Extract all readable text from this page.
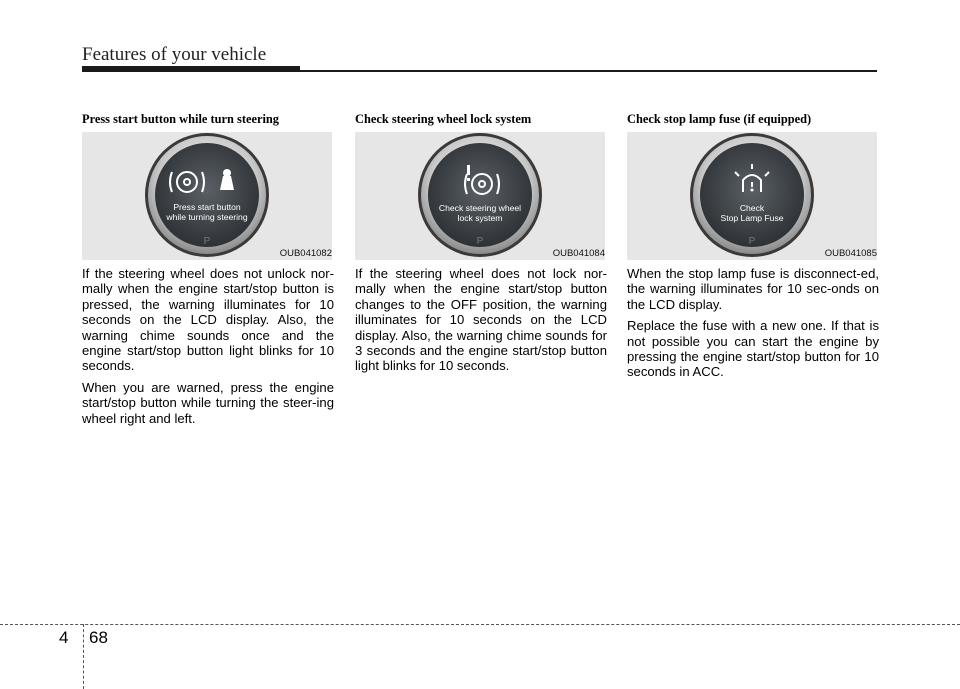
Features of your vehicle
Press start button while turn steering
P
Press start button
while turning steering
OUB041082

If the steering wheel does not unlock nor-mally when the engine start/stop button is pressed, the warning illuminates for 10 seconds on the LCD display. Also, the warning chime sounds once and the engine start/stop button light blinks for 10 seconds.

When you are warned, press the engine start/stop button while turning the steer-ing wheel right and left.

Check steering wheel lock system
P
Check steering wheel
lock system
OUB041084

If the steering wheel does not lock nor-mally when the engine start/stop button changes to the OFF position, the warning illuminates for 10 seconds on the LCD display. Also, the warning chime sounds for 3 seconds and the engine start/stop button light blinks for 10 seconds.

Check stop lamp fuse (if equipped)
P
Check
Stop Lamp Fuse
OUB041085

When the stop lamp fuse is disconnect-ed, the warning illuminates for 10 sec-onds on the LCD display.

Replace the fuse with a new one. If that is not possible you can start the engine by pressing the engine start/stop button for 10 seconds in ACC.

4 68
